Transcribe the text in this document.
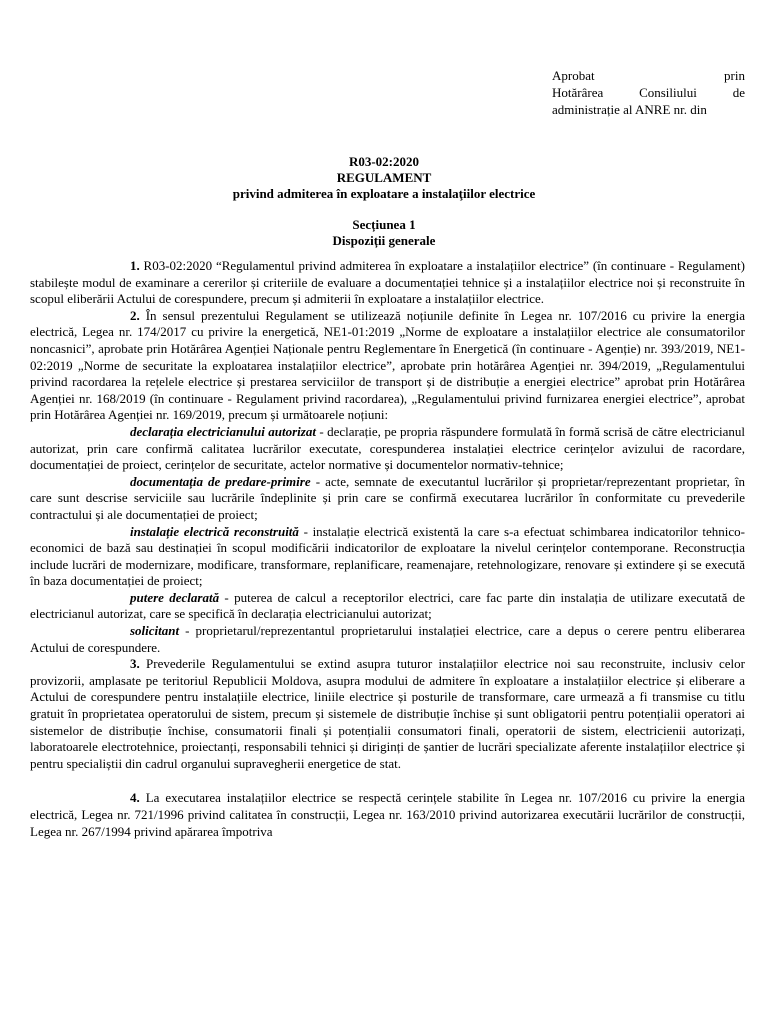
Aprobat prin
Hotărârea Consiliului de
administrație al ANRE nr. din
R03-02:2020
REGULAMENT
privind admiterea în exploatare a instalaţiilor electrice
Secțiunea 1
Dispoziții generale

1. R03-02:2020 “Regulamentul privind admiterea în exploatare a instalațiilor electrice” (în continuare - Regulament) stabilește modul de examinare a cererilor și criteriile de evaluare a documentației tehnice și a instalațiilor electrice noi și reconstruite în scopul eliberării Actului de corespundere, precum și admiterii în exploatare a instalațiilor electrice.

2. În sensul prezentului Regulament se utilizează noțiunile definite în Legea nr. 107/2016 cu privire la energia electrică, Legea nr. 174/2017 cu privire la energetică, NE1-01:2019 „Norme de exploatare a instalațiilor electrice ale consumatorilor noncasnici”, aprobate prin Hotărârea Agenției Naționale pentru Reglementare în Energetică (în continuare - Agenție) nr. 393/2019, NE1-02:2019 „Norme de securitate la exploatarea instalațiilor electrice”, aprobate prin hotărârea Agenției nr. 394/2019, „Regulamentului privind racordarea la rețelele electrice și prestarea serviciilor de transport și de distribuție a energiei electrice” aprobat prin Hotărârea Agenției nr. 168/2019 (în continuare - Regulament privind racordarea), „Regulamentului privind furnizarea energiei electrice”, aprobat prin Hotărârea Agenției nr. 169/2019, precum și următoarele noțiuni:

declarația electricianului autorizat - declarație, pe propria răspundere formulată în formă scrisă de către electricianul autorizat, prin care confirmă calitatea lucrărilor executate, corespunderea instalației electrice cerințelor avizului de racordare, documentației de proiect, cerințelor de securitate, actelor normative și documentelor normativ-tehnice;

documentația de predare-primire - acte, semnate de executantul lucrărilor și proprietar/reprezentant proprietar, în care sunt descrise serviciile sau lucrările îndeplinite și prin care se confirmă executarea lucrărilor în conformitate cu prevederile contractului și ale documentației de proiect;

instalație electrică reconstruită - instalație electrică existentă la care s-a efectuat schimbarea indicatorilor tehnico-economici de bază sau destinației în scopul modificării indicatorilor de exploatare la nivelul cerințelor contemporane. Reconstrucția include lucrări de modernizare, modificare, transformare, replanificare, reamenajare, retehnologizare, renovare și extindere și se execută în baza documentației de proiect;

putere declarată - puterea de calcul a receptorilor electrici, care fac parte din instalația de utilizare executată de electricianul autorizat, care se specifică în declarația electricianului autorizat;

solicitant - proprietarul/reprezentantul proprietarului instalației electrice, care a depus o cerere pentru eliberarea Actului de corespundere.

3. Prevederile Regulamentului se extind asupra tuturor instalațiilor electrice noi sau reconstruite, inclusiv celor provizorii, amplasate pe teritoriul Republicii Moldova, asupra modului de admitere în exploatare a instalațiilor electrice și eliberare a Actului de corespundere pentru instalațiile electrice, liniile electrice și posturile de transformare, care urmează a fi transmise cu titlu gratuit în proprietatea operatorului de sistem, precum și sistemele de distribuție închise și sunt obligatorii pentru potențialii operatori ai sistemelor de distribuție închise, consumatorii finali și potențialii consumatori finali, operatorii de sistem, electricienii autorizați, laboratoarele electrotehnice, proiectanți, responsabili tehnici și diriginți de șantier de lucrări specializate aferente instalațiilor electrice și pentru specialiștii din cadrul organului supravegherii energetice de stat.

4. La executarea instalațiilor electrice se respectă cerințele stabilite în Legea nr. 107/2016 cu privire la energia electrică, Legea nr. 721/1996 privind calitatea în construcții, Legea nr. 163/2010 privind autorizarea executării lucrărilor de construcții, Legea nr. 267/1994 privind apărarea împotriva
